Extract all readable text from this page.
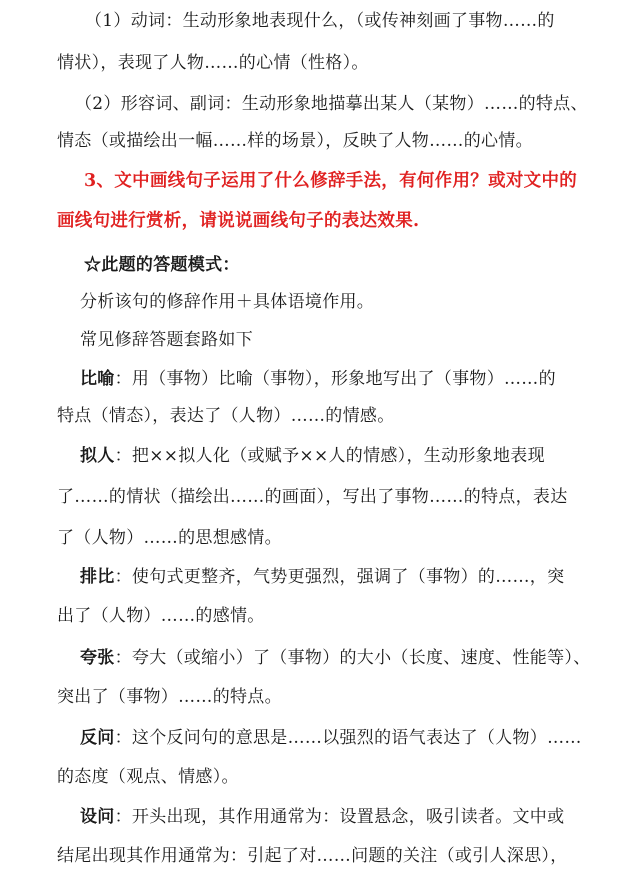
（1）动词：生动形象地表现什么，（或传神刻画了事物……的
情状），表现了人物……的心情（性格）。
（2）形容词、副词：生动形象地描摹出某人（某物）……的特点、
情态（或描绘出一幅……样的场景），反映了人物……的心情。
3、文中画线句子运用了什么修辞手法，有何作用？或对文中的
画线句进行赏析，请说说画线句子的表达效果.
☆此题的答题模式：
分析该句的修辞作用＋具体语境作用。
常见修辞答题套路如下
比喻：用（事物）比喻（事物），形象地写出了（事物）……的
特点（情态），表达了（人物）……的情感。
拟人：把××拟人化（或赋予××人的情感），生动形象地表现
了……的情状（描绘出……的画面），写出了事物……的特点，表达
了（人物）……的思想感情。
排比：使句式更整齐，气势更强烈，强调了（事物）的……，突
出了（人物）……的感情。
夸张：夸大（或缩小）了（事物）的大小（长度、速度、性能等）、
突出了（事物）……的特点。
反问：这个反问句的意思是……以强烈的语气表达了（人物）……
的态度（观点、情感）。
设问：开头出现，其作用通常为：设置悬念，吸引读者。文中或
结尾出现其作用通常为：引起了对……问题的关注（或引人深思），
